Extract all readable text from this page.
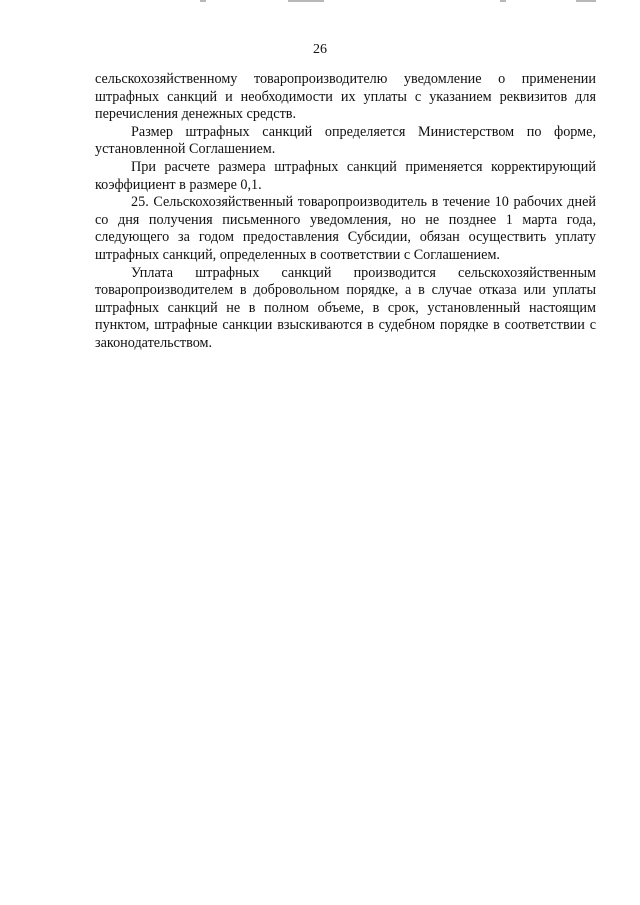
26

сельскохозяйственному товаропроизводителю уведомление о применении штрафных санкций и необходимости их уплаты с указанием реквизитов для перечисления денежных средств.

Размер штрафных санкций определяется Министерством по форме, установленной Соглашением.

При расчете размера штрафных санкций применяется корректирующий коэффициент в размере 0,1.

25. Сельскохозяйственный товаропроизводитель в течение 10 рабочих дней со дня получения письменного уведомления, но не позднее 1 марта года, следующего за годом предоставления Субсидии, обязан осуществить уплату штрафных санкций, определенных в соответствии с Соглашением.

Уплата штрафных санкций производится сельскохозяйственным товаропроизводителем в добровольном порядке, а в случае отказа или уплаты штрафных санкций не в полном объеме, в срок, установленный настоящим пунктом, штрафные санкции взыскиваются в судебном порядке в соответствии с законодательством.
